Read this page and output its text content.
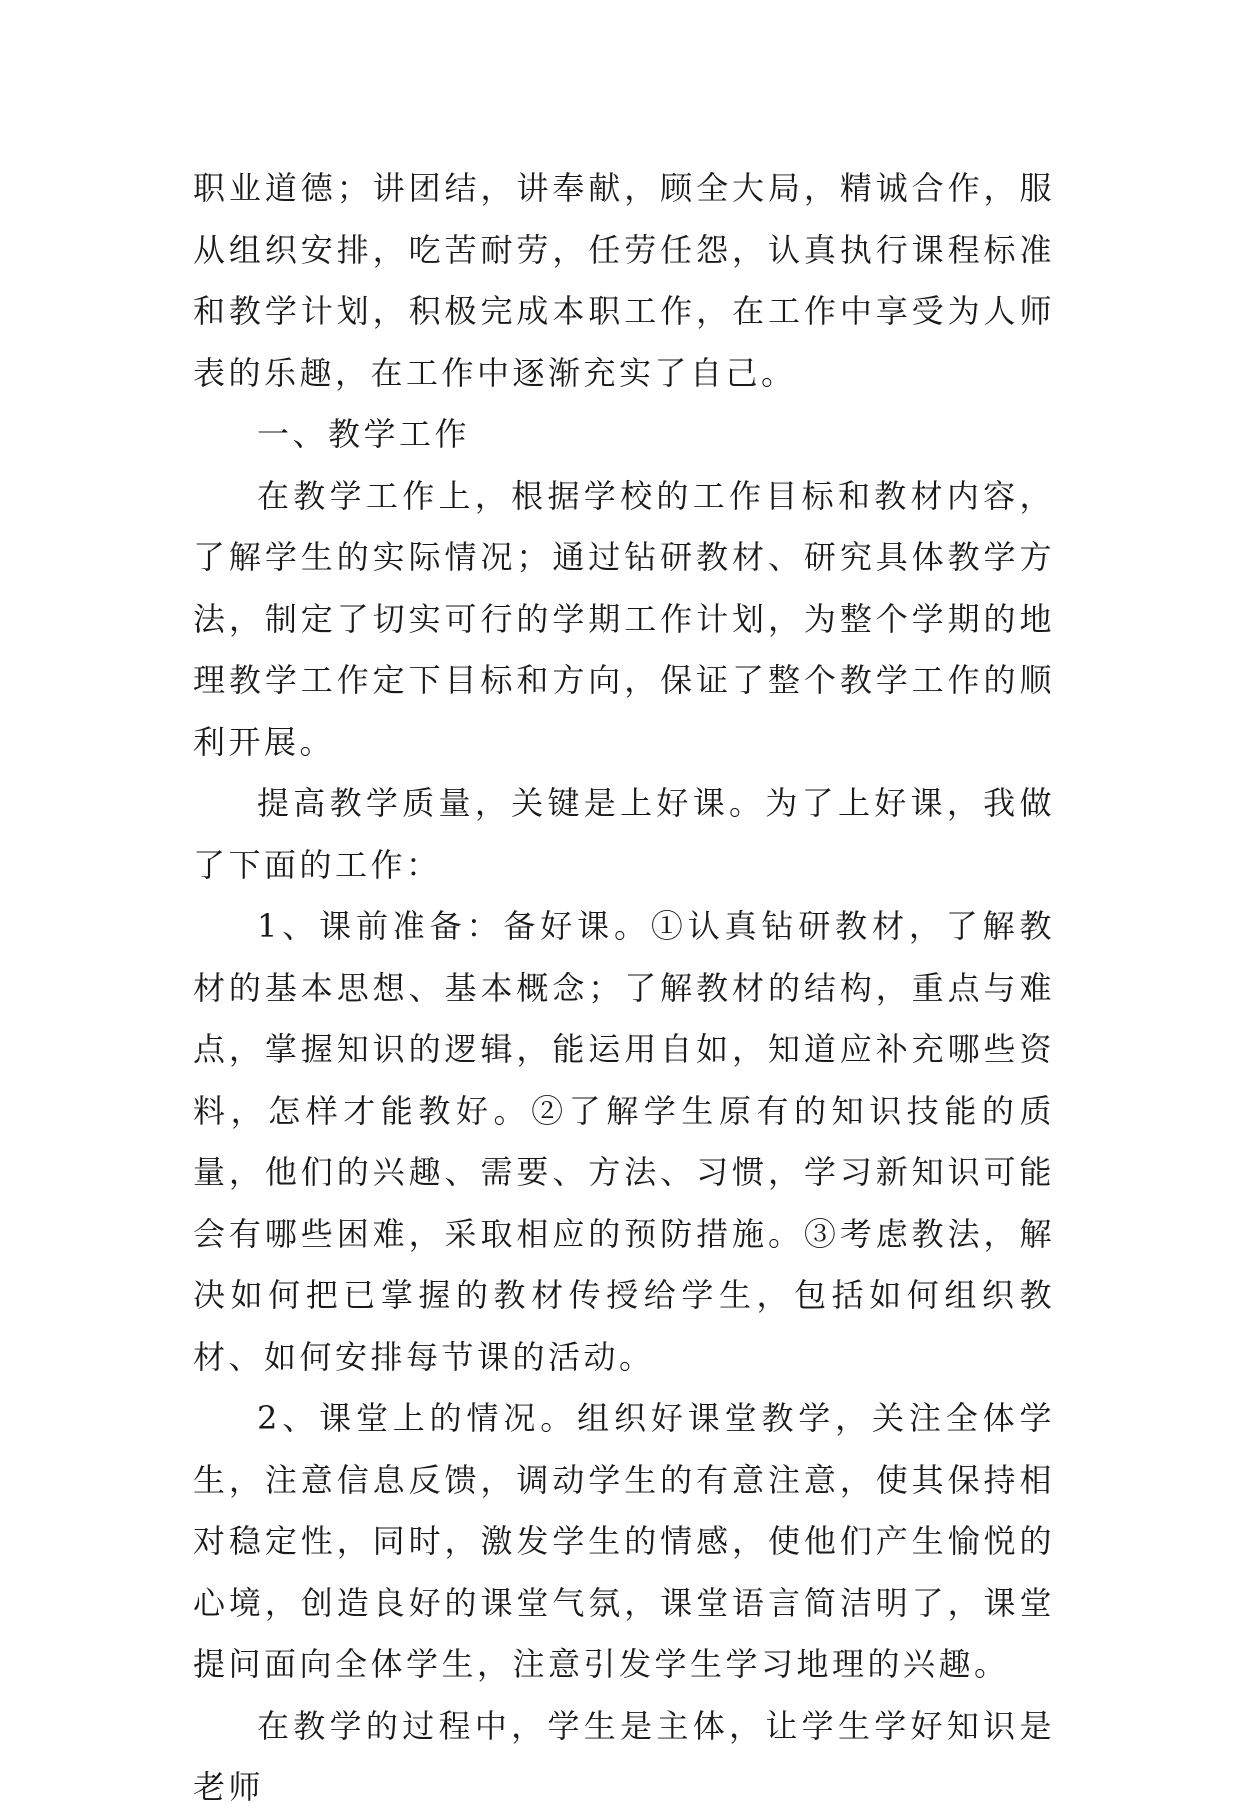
职业道德；讲团结，讲奉献，顾全大局，精诚合作，服从组织安排，吃苦耐劳，任劳任怨，认真执行课程标准和教学计划，积极完成本职工作，在工作中享受为人师表的乐趣，在工作中逐渐充实了自己。

一、教学工作

在教学工作上，根据学校的工作目标和教材内容，了解学生的实际情况；通过钻研教材、研究具体教学方法，制定了切实可行的学期工作计划，为整个学期的地理教学工作定下目标和方向，保证了整个教学工作的顺利开展。

提高教学质量，关键是上好课。为了上好课，我做了下面的工作：

1、课前准备：备好课。①认真钻研教材，了解教材的基本思想、基本概念；了解教材的结构，重点与难点，掌握知识的逻辑，能运用自如，知道应补充哪些资料，怎样才能教好。②了解学生原有的知识技能的质量，他们的兴趣、需要、方法、习惯，学习新知识可能会有哪些困难，采取相应的预防措施。③考虑教法，解决如何把已掌握的教材传授给学生，包括如何组织教材、如何安排每节课的活动。

2、课堂上的情况。组织好课堂教学，关注全体学生，注意信息反馈，调动学生的有意注意，使其保持相对稳定性，同时，激发学生的情感，使他们产生愉悦的心境，创造良好的课堂气氛，课堂语言简洁明了，课堂提问面向全体学生，注意引发学生学习地理的兴趣。

在教学的过程中，学生是主体，让学生学好知识是老师
